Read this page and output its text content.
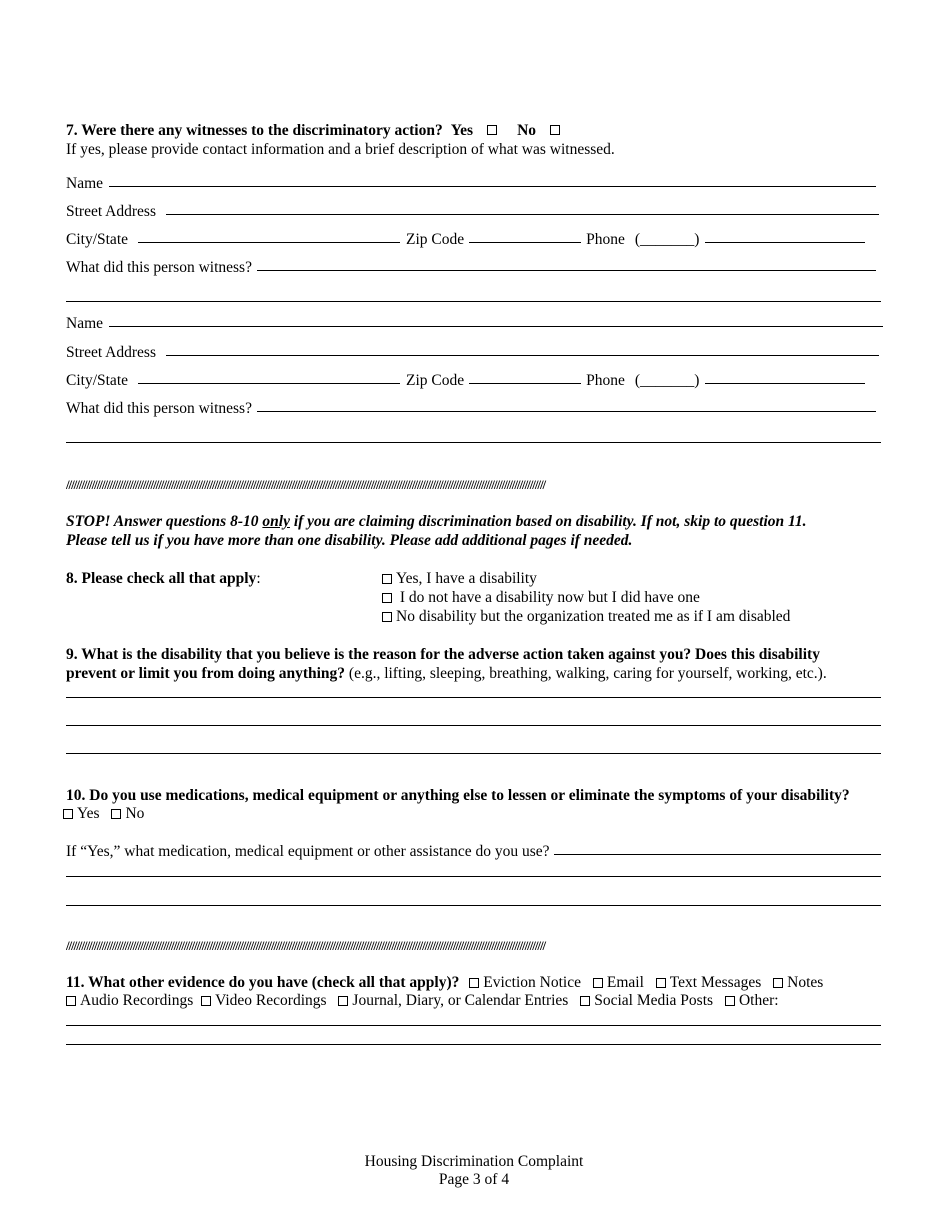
7. Were there any witnesses to the discriminatory action? Yes	No
If yes, please provide contact information and a brief description of what was witnessed.
Name
Street Address
City/State	Zip Code	Phone (_______)
What did this person witness?
Name
Street Address
City/State	Zip Code	Phone (_______)
What did this person witness?
///////////////////////////////////////////////////////////////////////////////////////////////////////////////////////////////////////////////////////////////////////////////////////////
STOP! Answer questions 8-10 only if you are claiming discrimination based on disability. If not, skip to question 11.
Please tell us if you have more than one disability. Please add additional pages if needed.
8. Please check all that apply:	Yes, I have a disability
I do not have a disability now but I did have one
No disability but the organization treated me as if I am disabled
9. What is the disability that you believe is the reason for the adverse action taken against you? Does this disability
prevent or limit you from doing anything? (e.g., lifting, sleeping, breathing, walking, caring for yourself, working, etc.).
10. Do you use medications, medical equipment or anything else to lessen or eliminate the symptoms of your disability?
Yes No
If “Yes,” what medication, medical equipment or other assistance do you use?
///////////////////////////////////////////////////////////////////////////////////////////////////////////////////////////////////////////////////////////////////////////////////////////
11. What other evidence do you have (check all that apply)? Eviction Notice Email Text Messages Notes
Audio Recordings Video Recordings Journal, Diary, or Calendar Entries Social Media Posts Other:
Housing Discrimination Complaint
Page 3 of 4
